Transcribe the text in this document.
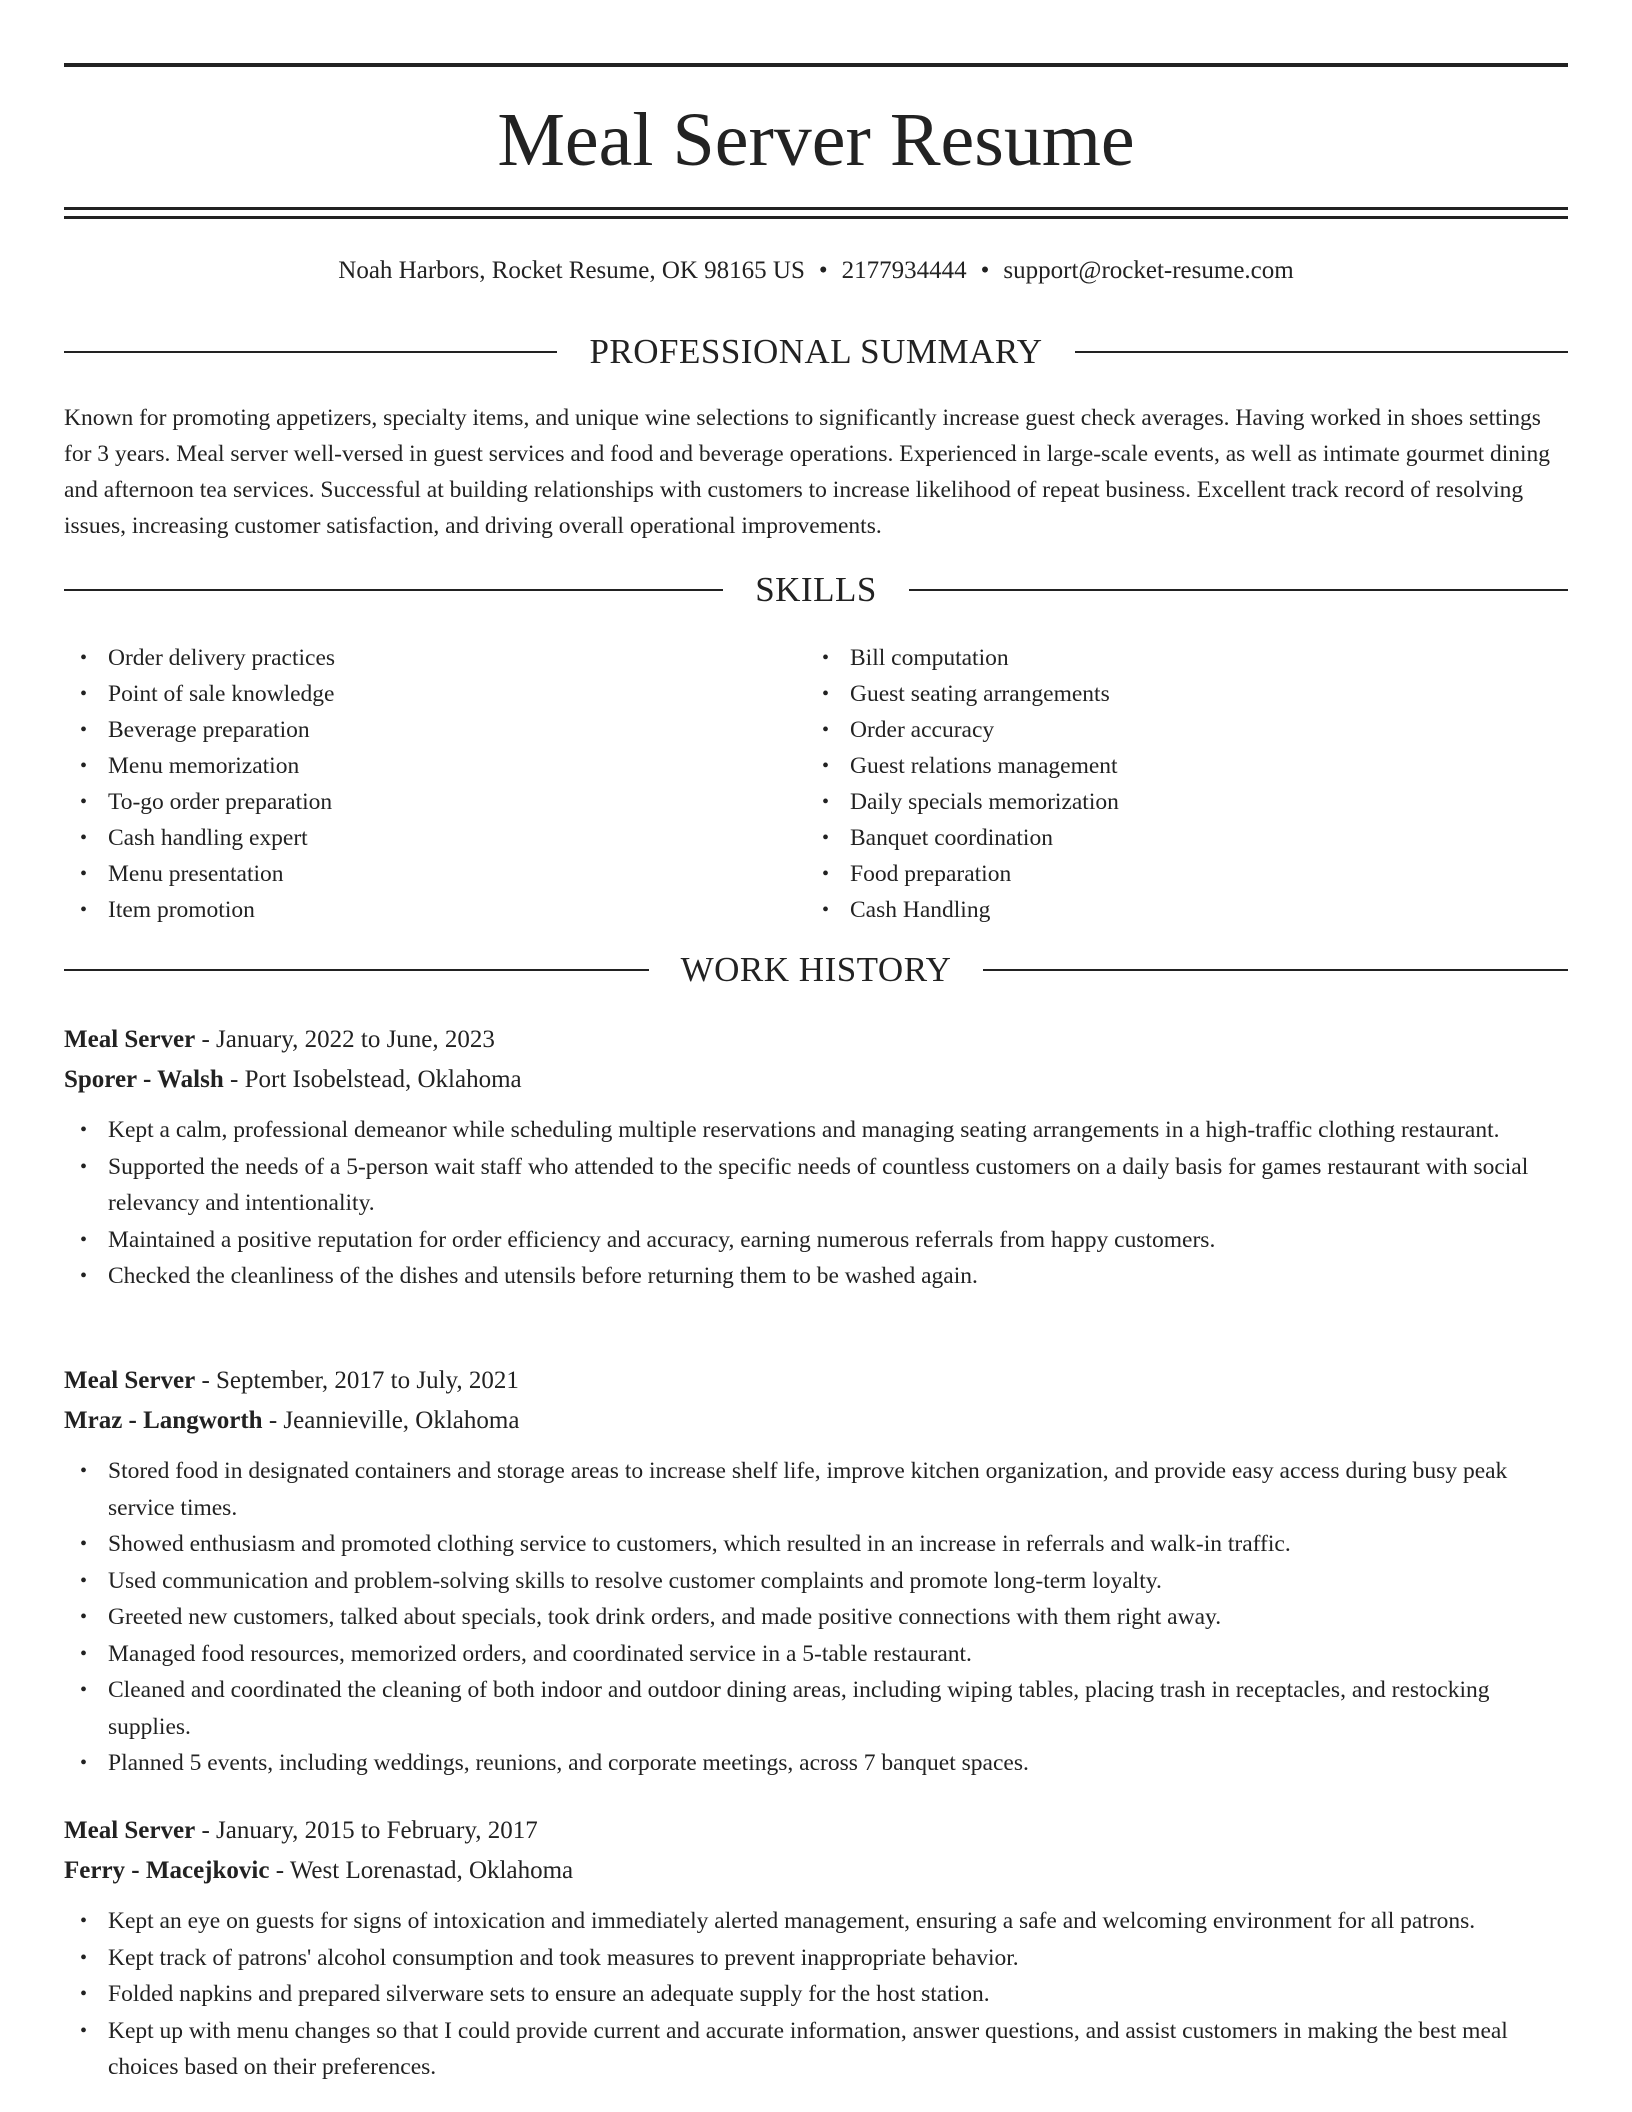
Meal Server Resume
Noah Harbors, Rocket Resume, OK 98165 US • 2177934444 • support@rocket-resume.com
PROFESSIONAL SUMMARY

Known for promoting appetizers, specialty items, and unique wine selections to significantly increase guest check averages. Having worked in shoes settings for 3 years. Meal server well-versed in guest services and food and beverage operations. Experienced in large-scale events, as well as intimate gourmet dining and afternoon tea services. Successful at building relationships with customers to increase likelihood of repeat business. Excellent track record of resolving issues, increasing customer satisfaction, and driving overall operational improvements.

SKILLS
• Order delivery practices
• Point of sale knowledge
• Beverage preparation
• Menu memorization
• To-go order preparation
• Cash handling expert
• Menu presentation
• Item promotion
• Bill computation
• Guest seating arrangements
• Order accuracy
• Guest relations management
• Daily specials memorization
• Banquet coordination
• Food preparation
• Cash Handling
WORK HISTORY

Meal Server - January, 2022 to June, 2023

Sporer - Walsh - Port Isobelstead, Oklahoma

• Kept a calm, professional demeanor while scheduling multiple reservations and managing seating arrangements in a high-traffic clothing restaurant.
• Supported the needs of a 5-person wait staff who attended to the specific needs of countless customers on a daily basis for games restaurant with social relevancy and intentionality.
• Maintained a positive reputation for order efficiency and accuracy, earning numerous referrals from happy customers.
• Checked the cleanliness of the dishes and utensils before returning them to be washed again.

Meal Server - September, 2017 to July, 2021

Mraz - Langworth - Jeannieville, Oklahoma

• Stored food in designated containers and storage areas to increase shelf life, improve kitchen organization, and provide easy access during busy peak service times.
• Showed enthusiasm and promoted clothing service to customers, which resulted in an increase in referrals and walk-in traffic.
• Used communication and problem-solving skills to resolve customer complaints and promote long-term loyalty.
• Greeted new customers, talked about specials, took drink orders, and made positive connections with them right away.
• Managed food resources, memorized orders, and coordinated service in a 5-table restaurant.
• Cleaned and coordinated the cleaning of both indoor and outdoor dining areas, including wiping tables, placing trash in receptacles, and restocking supplies.
• Planned 5 events, including weddings, reunions, and corporate meetings, across 7 banquet spaces.

Meal Server - January, 2015 to February, 2017

Ferry - Macejkovic - West Lorenastad, Oklahoma

• Kept an eye on guests for signs of intoxication and immediately alerted management, ensuring a safe and welcoming environment for all patrons.
• Kept track of patrons' alcohol consumption and took measures to prevent inappropriate behavior.
• Folded napkins and prepared silverware sets to ensure an adequate supply for the host station.
• Kept up with menu changes so that I could provide current and accurate information, answer questions, and assist customers in making the best meal choices based on their preferences.
